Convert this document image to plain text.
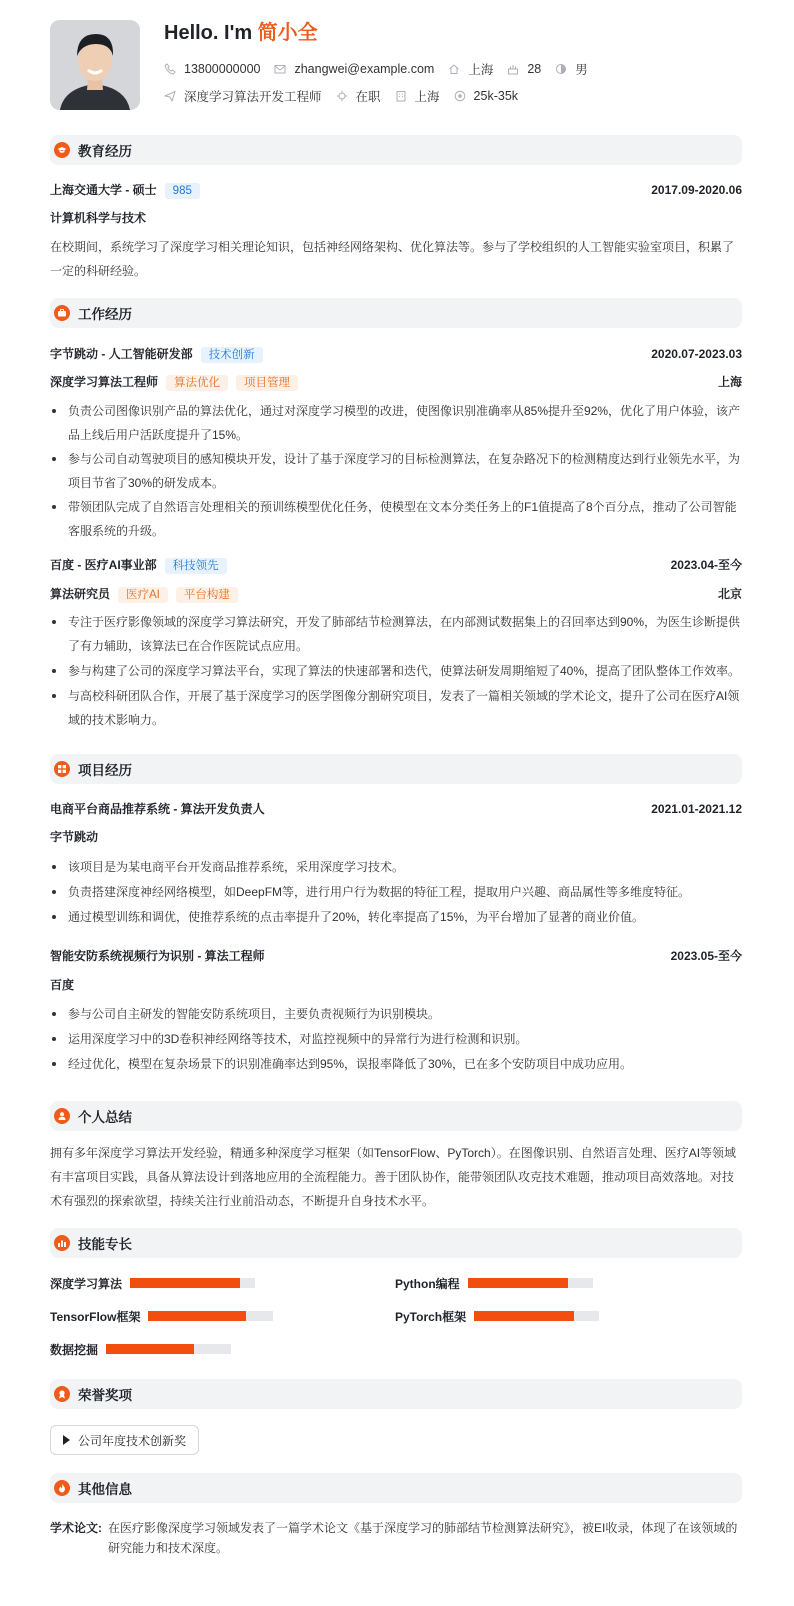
Hello. I'm 简小全
13800000000	zhangwei@example.com	上海	28	男
深度学习算法开发工程师	在职	上海	25k-35k
教育经历
上海交通大学 - 硕士 985	2017.09-2020.06
计算机科学与技术
在校期间，系统学习了深度学习相关理论知识，包括神经网络架构、优化算法等。参与了学校组织的人工智能实验室项目，积累了一定的科研经验。
工作经历
字节跳动 - 人工智能研发部 技术创新	2020.07-2023.03
深度学习算法工程师 算法优化 项目管理	上海
负责公司图像识别产品的算法优化，通过对深度学习模型的改进，使图像识别准确率从85%提升至92%，优化了用户体验，该产品上线后用户活跃度提升了15%。
参与公司自动驾驶项目的感知模块开发，设计了基于深度学习的目标检测算法，在复杂路况下的检测精度达到行业领先水平，为项目节省了30%的研发成本。
带领团队完成了自然语言处理相关的预训练模型优化任务，使模型在文本分类任务上的F1值提高了8个百分点，推动了公司智能客服系统的升级。
百度 - 医疗AI事业部 科技领先	2023.04-至今
算法研究员 医疗AI 平台构建	北京
专注于医疗影像领域的深度学习算法研究，开发了肺部结节检测算法，在内部测试数据集上的召回率达到90%，为医生诊断提供了有力辅助，该算法已在合作医院试点应用。
参与构建了公司的深度学习算法平台，实现了算法的快速部署和迭代，使算法研发周期缩短了40%，提高了团队整体工作效率。
与高校科研团队合作，开展了基于深度学习的医学图像分割研究项目，发表了一篇相关领域的学术论文，提升了公司在医疗AI领域的技术影响力。
项目经历
电商平台商品推荐系统 - 算法开发负责人	2021.01-2021.12
字节跳动
该项目是为某电商平台开发商品推荐系统，采用深度学习技术。
负责搭建深度神经网络模型，如DeepFM等，进行用户行为数据的特征工程，提取用户兴趣、商品属性等多维度特征。
通过模型训练和调优，使推荐系统的点击率提升了20%，转化率提高了15%，为平台增加了显著的商业价值。
智能安防系统视频行为识别 - 算法工程师	2023.05-至今
百度
参与公司自主研发的智能安防系统项目，主要负责视频行为识别模块。
运用深度学习中的3D卷积神经网络等技术，对监控视频中的异常行为进行检测和识别。
经过优化，模型在复杂场景下的识别准确率达到95%，误报率降低了30%，已在多个安防项目中成功应用。
个人总结
拥有多年深度学习算法开发经验，精通多种深度学习框架（如TensorFlow、PyTorch）。在图像识别、自然语言处理、医疗AI等领域有丰富项目实践，具备从算法设计到落地应用的全流程能力。善于团队协作，能带领团队攻克技术难题，推动项目高效落地。对技术有强烈的探索欲望，持续关注行业前沿动态，不断提升自身技术水平。
技能专长
深度学习算法	Python编程
TensorFlow框架	PyTorch框架
数据挖掘
荣誉奖项
公司年度技术创新奖
其他信息
学术论文: 在医疗影像深度学习领域发表了一篇学术论文《基于深度学习的肺部结节检测算法研究》，被EI收录，体现了在该领域的研究能力和技术深度。
